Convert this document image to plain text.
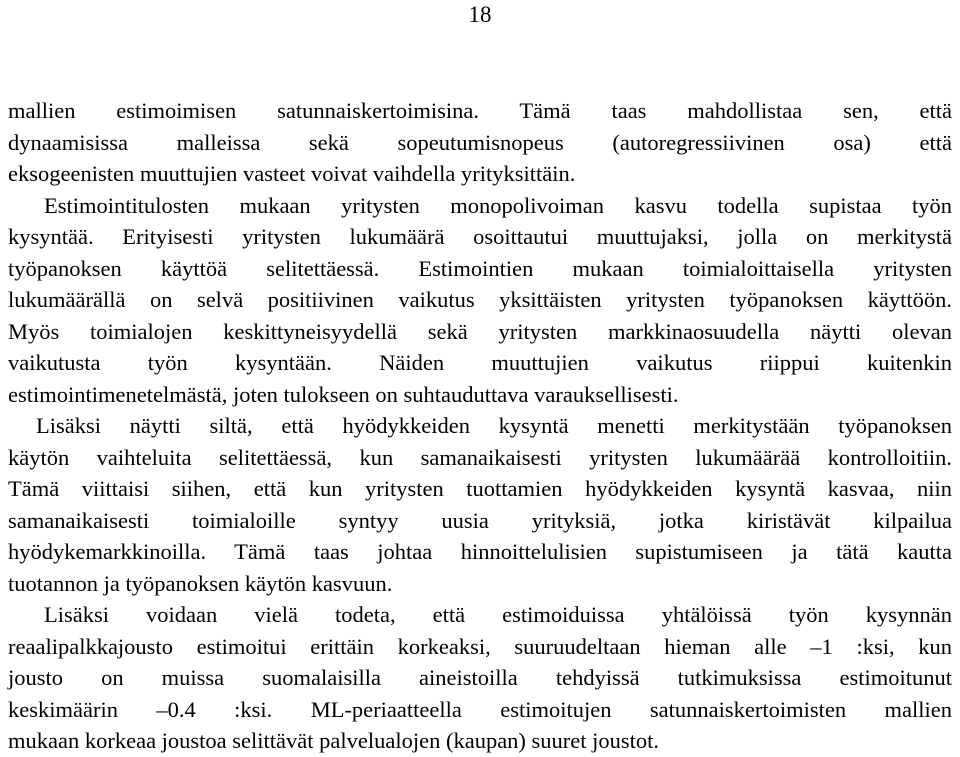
18
mallien estimoimisen satunnaiskertoimisina. Tämä taas mahdollistaa sen, että
dynaamisissa malleissa sekä sopeutumisnopeus (autoregressiivinen osa) että
eksogeenisten muuttujien vasteet voivat vaihdella yrityksittäin.
Estimointitulosten mukaan yritysten monopolivoiman kasvu todella supistaa työn
kysyntää. Erityisesti yritysten lukumäärä osoittautui muuttujaksi, jolla on merkitystä
työpanoksen käyttöä selitettäessä. Estimointien mukaan toimialoittaisella yritysten
lukumäärällä on selvä positiivinen vaikutus yksittäisten yritysten työpanoksen käyttöön.
Myös toimialojen keskittyneisyydellä sekä yritysten markkinaosuudella näytti olevan
vaikutusta työn kysyntään. Näiden muuttujien vaikutus riippui kuitenkin
estimointimenetelmästä, joten tulokseen on suhtauduttava varauksellisesti.
Lisäksi näytti siltä, että hyödykkeiden kysyntä menetti merkitystään työpanoksen
käytön vaihteluita selitettäessä, kun samanaikaisesti yritysten lukumäärää kontrolloitiin.
Tämä viittaisi siihen, että kun yritysten tuottamien hyödykkeiden kysyntä kasvaa, niin
samanaikaisesti toimialoille syntyy uusia yrityksiä, jotka kiristävät kilpailua
hyödykemarkkinoilla. Tämä taas johtaa hinnoittelulisien supistumiseen ja tätä kautta
tuotannon ja työpanoksen käytön kasvuun.
Lisäksi voidaan vielä todeta, että estimoiduissa yhtälöissä työn kysynnän
reaalipalkkajousto estimoitui erittäin korkeaksi, suuruudeltaan hieman alle –1 :ksi, kun
jousto on muissa suomalaisilla aineistoilla tehdyissä tutkimuksissa estimoitunut
keskimäärin –0.4 :ksi. ML-periaatteella estimoitujen satunnaiskertoimisten mallien
mukaan korkeaa joustoa selittävät palvelualojen (kaupan) suuret joustot.
